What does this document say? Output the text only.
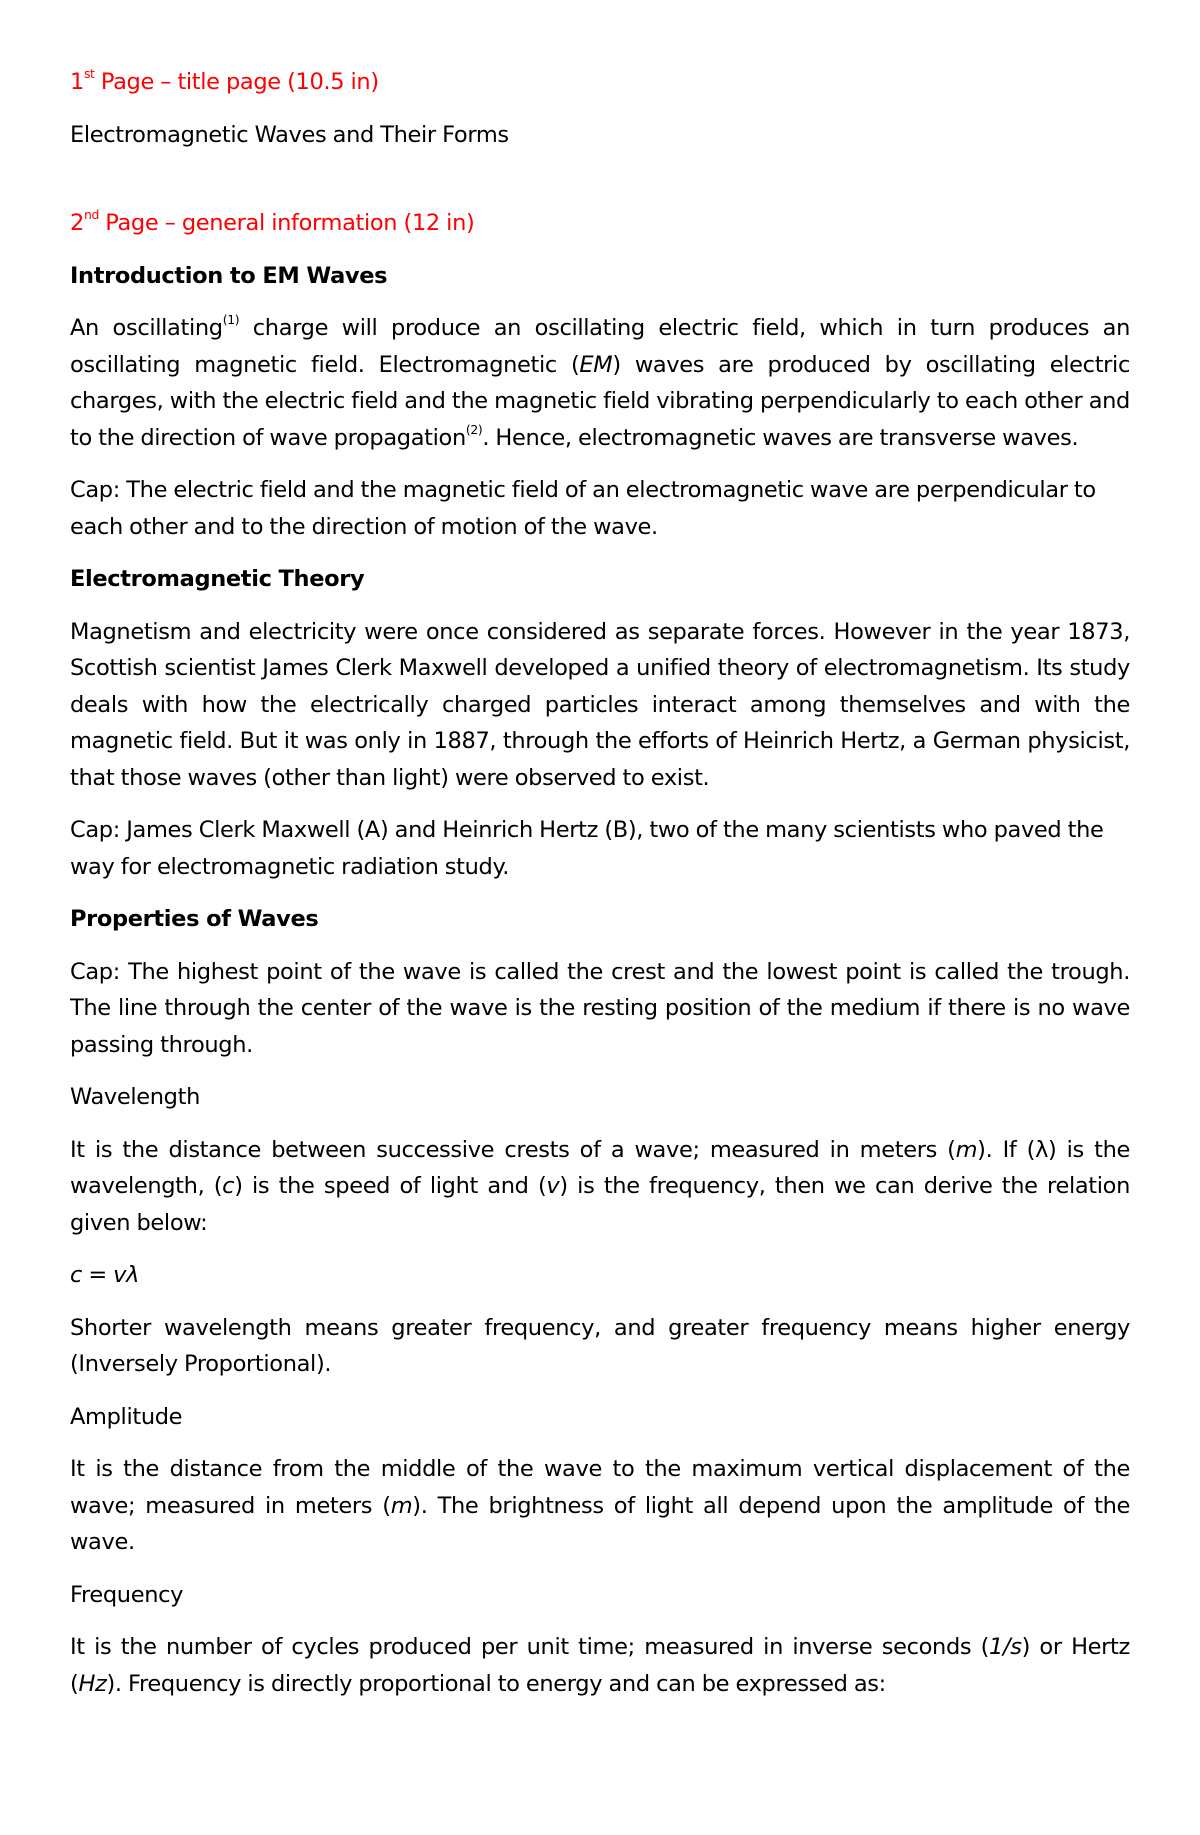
1st Page – title page (10.5 in)

Electromagnetic Waves and Their Forms

2nd Page – general information (12 in)

Introduction to EM Waves

An oscillating$^{(1)}$ charge will produce an oscillating electric field, which in turn produces an oscillating magnetic field. Electromagnetic (EM) waves are produced by oscillating electric charges, with the electric field and the magnetic field vibrating perpendicularly to each other and to the direction of wave propagation$^{(2)}$. Hence, electromagnetic waves are transverse waves.

Cap: The electric field and the magnetic field of an electromagnetic wave are perpendicular to each other and to the direction of motion of the wave.

Electromagnetic Theory

Magnetism and electricity were once considered as separate forces. However in the year 1873, Scottish scientist James Clerk Maxwell developed a unified theory of electromagnetism. Its study deals with how the electrically charged particles interact among themselves and with the magnetic field. But it was only in 1887, through the efforts of Heinrich Hertz, a German physicist, that those waves (other than light) were observed to exist.

Cap: James Clerk Maxwell (A) and Heinrich Hertz (B), two of the many scientists who paved the way for electromagnetic radiation study.

Properties of Waves

Cap: The highest point of the wave is called the crest and the lowest point is called the trough. The line through the center of the wave is the resting position of the medium if there is no wave passing through.

Wavelength

It is the distance between successive crests of a wave; measured in meters (m). If (λ) is the wavelength, (c) is the speed of light and (v) is the frequency, then we can derive the relation given below:

c = vλ

Shorter wavelength means greater frequency, and greater frequency means higher energy (Inversely Proportional).

Amplitude

It is the distance from the middle of the wave to the maximum vertical displacement of the wave; measured in meters (m). The brightness of light all depend upon the amplitude of the wave.

Frequency

It is the number of cycles produced per unit time; measured in inverse seconds (1/s) or Hertz (Hz). Frequency is directly proportional to energy and can be expressed as:
